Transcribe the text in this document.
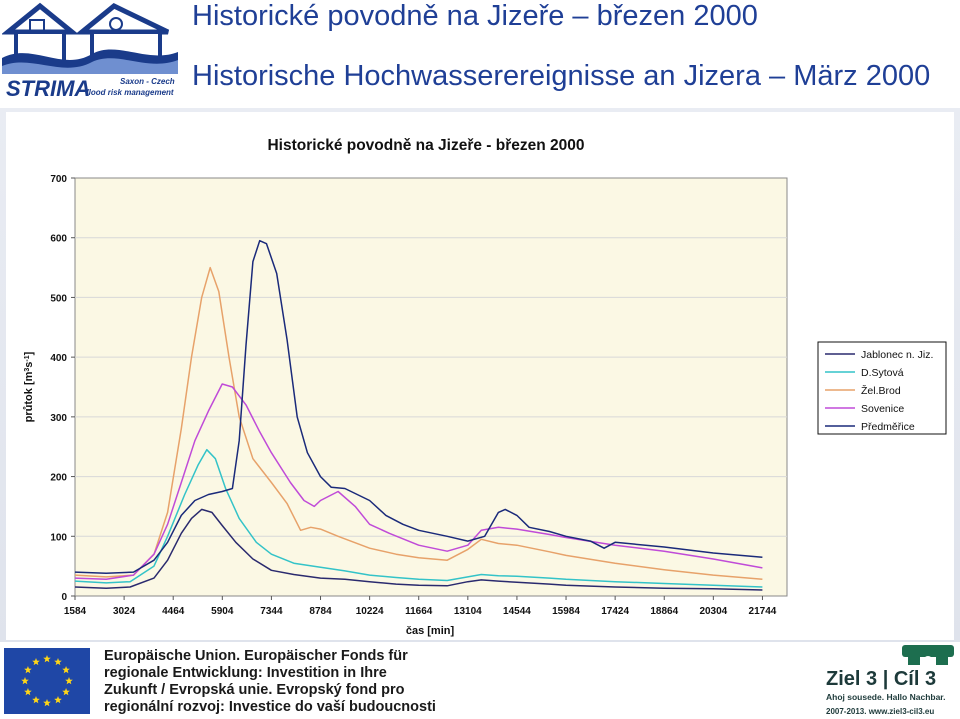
STRIMA	Saxon - Czech
flood risk management
Historické povodně na Jizeře – březen 2000
Historische Hochwasserereignisse an Jizera – März 2000
Historické povodně na Jizeře - březen 2000
0
100
200
300
400
500
600
700
1584	3024	4464	5904	7344	8784 10224 11664 13104 14544 15984 17424 18864 20304 21744
čas [min]
průtok $[m^3s^{-1}]$	Jablonec n. Jiz.
D.Sytová
Žel.Brod
Sovenice
Předměřice
Europäische Union. Europäischer Fonds für
regionale Entwicklung: Investition in Ihre
Zukunft / Evropská unie. Evropský fond pro
regionální rozvoj: Investice do vaší budoucnosti
Ziel 3 | Cíl 3
Ahoj sousede. Hallo Nachbar.
2007-2013. www.ziel3-cil3.eu
